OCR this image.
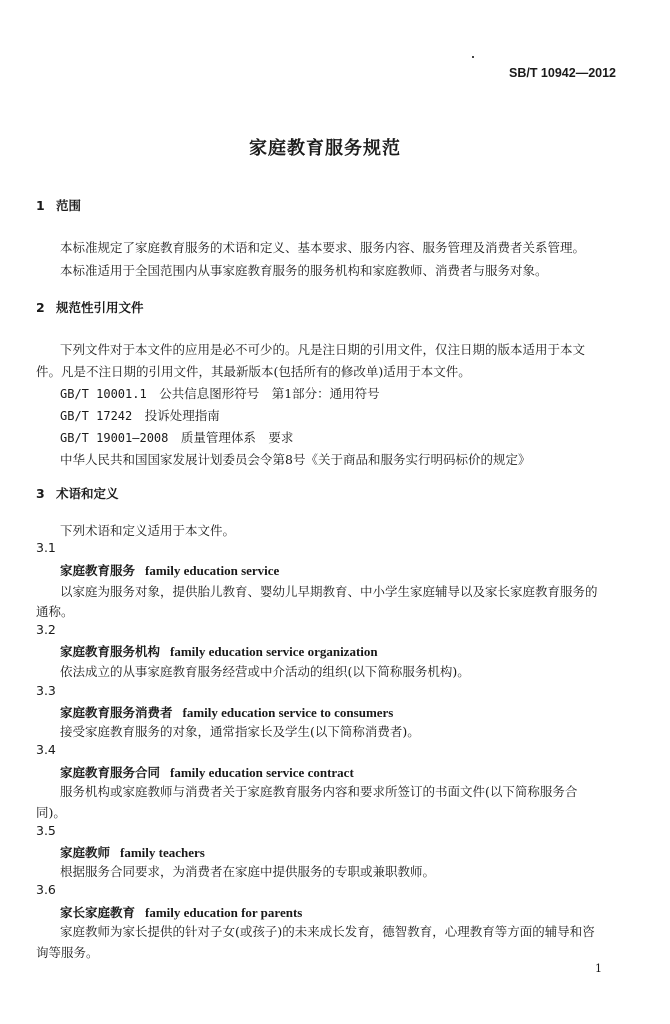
SB/T 10942—2012
家庭教育服务规范
1 范围
本标准规定了家庭教育服务的术语和定义、基本要求、服务内容、服务管理及消费者关系管理。
本标准适用于全国范围内从事家庭教育服务的服务机构和家庭教师、消费者与服务对象。
2 规范性引用文件
下列文件对于本文件的应用是必不可少的。凡是注日期的引用文件，仅注日期的版本适用于本文
件。凡是不注日期的引用文件，其最新版本(包括所有的修改单)适用于本文件。
GB/T 10001.1　 公共信息图形符号　第1部分：通用符号
GB/T 17242　 投诉处理指南
GB/T 19001—2008　 质量管理体系　要求
中华人民共和国国家发展计划委员会令第8号《关于商品和服务实行明码标价的规定》
3 术语和定义
下列术语和定义适用于本文件。
3.1
家庭教育服务 family education service
以家庭为服务对象，提供胎儿教育、婴幼儿早期教育、中小学生家庭辅导以及家长家庭教育服务的
通称。
3.2
家庭教育服务机构 family education service organization
依法成立的从事家庭教育服务经营或中介活动的组织(以下简称服务机构)。
3.3
家庭教育服务消费者 family education service to consumers
接受家庭教育服务的对象，通常指家长及学生(以下简称消费者)。
3.4
家庭教育服务合同 family education service contract
服务机构或家庭教师与消费者关于家庭教育服务内容和要求所签订的书面文件(以下简称服务合
同)。
3.5
家庭教师 family teachers
根据服务合同要求，为消费者在家庭中提供服务的专职或兼职教师。
3.6
家长家庭教育 family education for parents
家庭教师为家长提供的针对子女(或孩子)的未来成长发育，德智教育，心理教育等方面的辅导和咨
询等服务。
1
